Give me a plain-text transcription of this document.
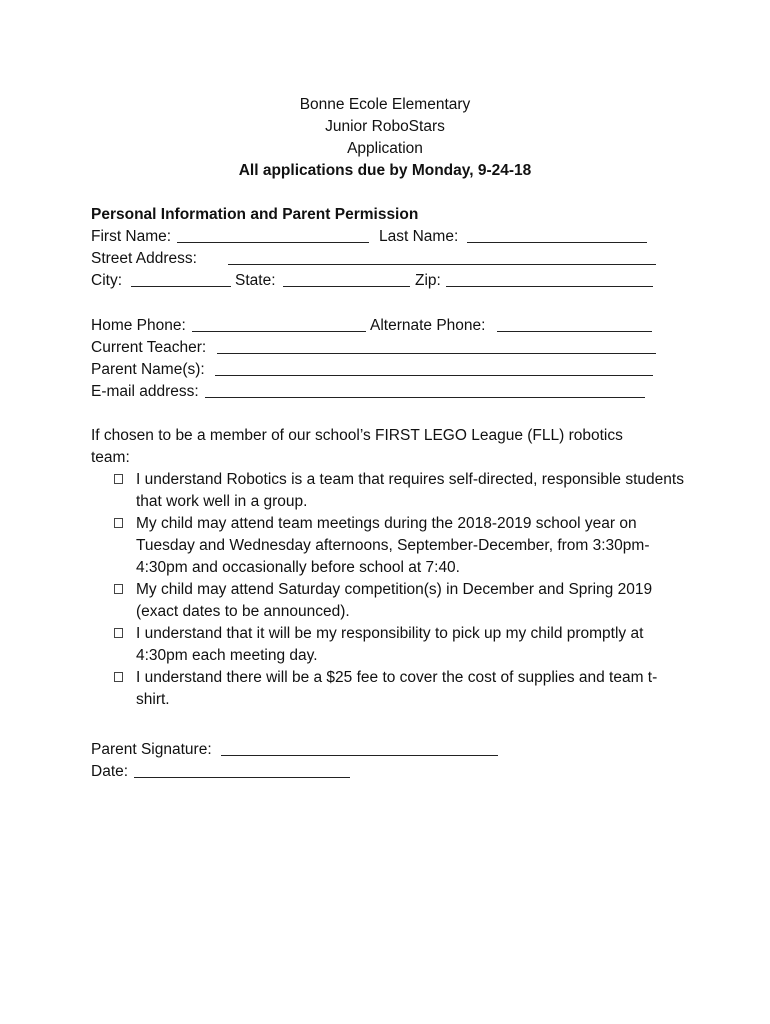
Bonne Ecole Elementary
Junior RoboStars
Application
All applications due by Monday, 9-24-18
Personal Information and Parent Permission
First Name:	Last Name:
Street Address:
City:	State:	Zip:
Home Phone:	Alternate Phone:
Current Teacher:
Parent Name(s):
E-mail address:
If chosen to be a member of our school’s FIRST LEGO League (FLL) robotics team:
I understand Robotics is a team that requires self-directed, responsible students that work well in a group.
My child may attend team meetings during the 2018-2019 school year on Tuesday and Wednesday afternoons, September-December, from 3:30pm-4:30pm and occasionally before school at 7:40.
My child may attend Saturday competition(s) in December and Spring 2019 (exact dates to be announced).
I understand that it will be my responsibility to pick up my child promptly at 4:30pm each meeting day.
I understand there will be a $25 fee to cover the cost of supplies and team t-shirt.
Parent Signature:
Date:
